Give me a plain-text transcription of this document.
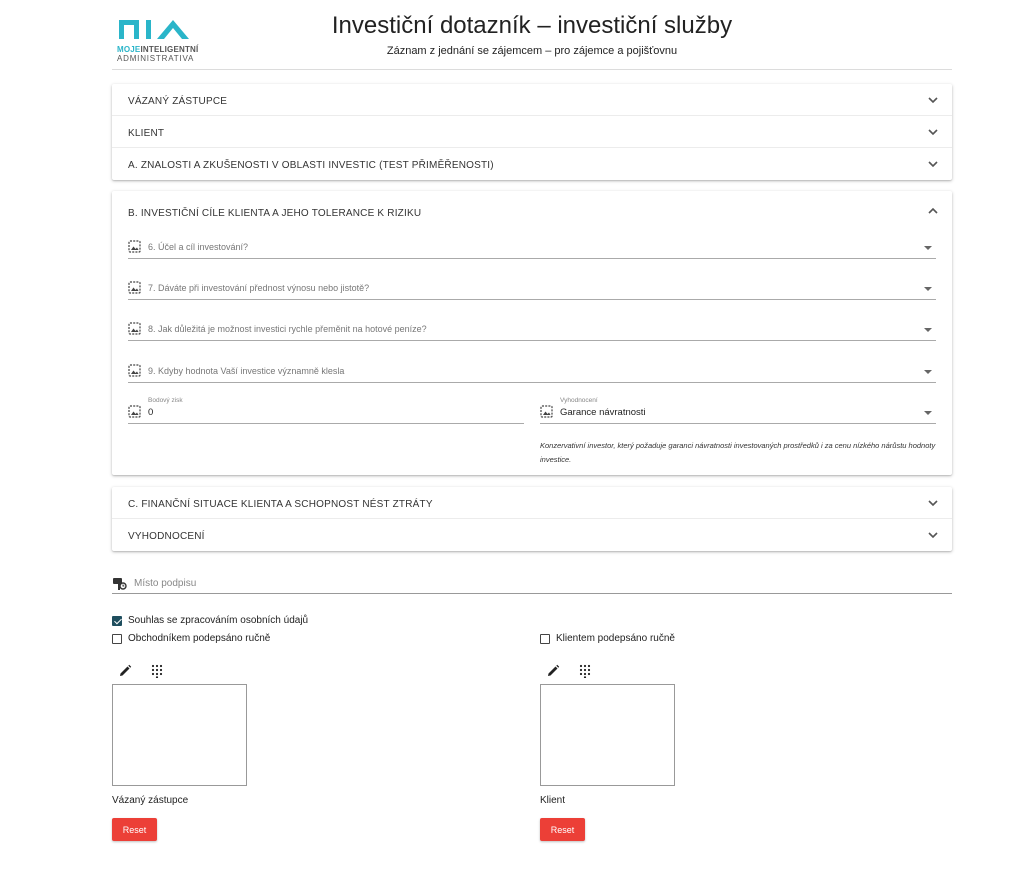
MOJEINTELIGENTNÍ
ADMINISTRATIVA
Investiční dotazník – investiční služby
Záznam z jednání se zájemcem – pro zájemce a pojišťovnu
VÁZANÝ ZÁSTUPCE
KLIENT
A. ZNALOSTI A ZKUŠENOSTI V OBLASTI INVESTIC (TEST PŘIMĚŘENOSTI)
B. INVESTIČNÍ CÍLE KLIENTA A JEHO TOLERANCE K RIZIKU
6. Účel a cíl investování?
7. Dáváte při investování přednost výnosu nebo jistotě?
8. Jak důležitá je možnost investici rychle přeměnit na hotové peníze?
9. Kdyby hodnota Vaší investice významně klesla
0
Bodový zisk
Garance návratnosti
Vyhodnocení
Konzervativní investor, který požaduje garanci návratnosti investovaných prostředků i za cenu nízkého nárůstu hodnoty investice.
C. FINANČNÍ SITUACE KLIENTA A SCHOPNOST NÉST ZTRÁTY
VYHODNOCENÍ
Místo podpisu
Souhlas se zpracováním osobních údajů
Obchodníkem podepsáno ručně	Klientem podepsáno ručně
Vázaný zástupce
Reset
Klient
Reset
